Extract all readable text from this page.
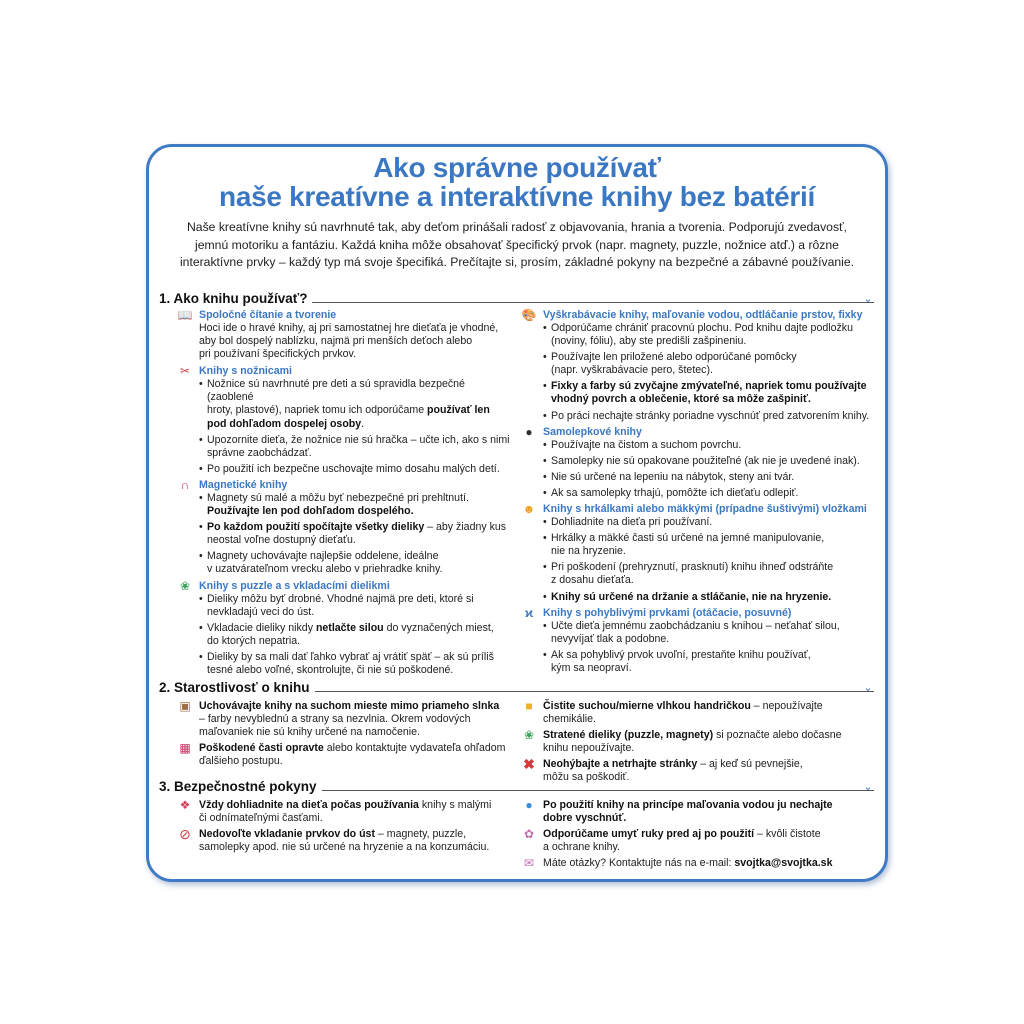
Ako správne používať
naše kreatívne a interaktívne knihy bez batérií
Naše kreatívne knihy sú navrhnuté tak, aby deťom prinášali radosť z objavovania, hrania a tvorenia. Podporujú zvedavosť,
jemnú motoriku a fantáziu. Každá kniha môže obsahovať špecifický prvok (napr. magnety, puzzle, nožnice atď.) a rôzne
interaktívne prvky – každý typ má svoje špecifiká. Prečítajte si, prosím, základné pokyny na bezpečné a zábavné používanie.
1. Ako knihu používať?	⌄
📖 Spoločné čítanie a tvorenie
Hoci ide o hravé knihy, aj pri samostatnej hre dieťaťa je vhodné,
aby bol dospelý nablízku, najmä pri menších deťoch alebo
pri používaní špecifických prvkov.
✂ Knihy s nožnicami
• Nožnice sú navrhnuté pre deti a sú spravidla bezpečné (zaoblené
hroty, plastové), napriek tomu ich odporúčame používať len
pod dohľadom dospelej osoby.
• Upozornite dieťa, že nožnice nie sú hračka – učte ich, ako s nimi
správne zaobchádzať.
• Po použití ich bezpečne uschovajte mimo dosahu malých detí.
∩ Magnetické knihy
• Magnety sú malé a môžu byť nebezpečné pri prehltnutí.
Používajte len pod dohľadom dospelého.
• Po každom použití spočítajte všetky dieliky – aby žiadny kus
neostal voľne dostupný dieťaťu.
• Magnety uchovávajte najlepšie oddelene, ideálne
v uzatvárateľnom vrecku alebo v priehradke knihy.
❀ Knihy s puzzle a s vkladacími dielikmi
• Dieliky môžu byť drobné. Vhodné najmä pre deti, ktoré si
nevkladajú veci do úst.
• Vkladacie dieliky nikdy netlačte silou do vyznačených miest,
do ktorých nepatria.
• Dieliky by sa mali dať ľahko vybrať aj vrátiť späť – ak sú príliš
tesné alebo voľné, skontrolujte, či nie sú poškodené.
🎨 Vyškrabávacie knihy, maľovanie vodou, odtláčanie prstov, fixky
• Odporúčame chrániť pracovnú plochu. Pod knihu dajte podložku
(noviny, fóliu), aby ste predišli zašpineniu.
• Používajte len priložené alebo odporúčané pomôcky
(napr. vyškrabávacie pero, štetec).
• Fixky a farby sú zvyčajne zmývateľné, napriek tomu používajte
vhodný povrch a oblečenie, ktoré sa môže zašpiniť.
• Po práci nechajte stránky poriadne vyschnúť pred zatvorením knihy.
● Samolepkové knihy
• Používajte na čistom a suchom povrchu.
• Samolepky nie sú opakovane použiteľné (ak nie je uvedené inak).
• Nie sú určené na lepeniu na nábytok, steny ani tvár.
• Ak sa samolepky trhajú, pomôžte ich dieťaťu odlepiť.
☻ Knihy s hrkálkami alebo mäkkými (prípadne šuštivými) vložkami
• Dohliadnite na dieťa pri používaní.
• Hrkálky a mäkké časti sú určené na jemné manipulovanie,
nie na hryzenie.
• Pri poškodení (prehryznutí, prasknutí) knihu ihneď odstráňte
z dosahu dieťaťa.
• Knihy sú určené na držanie a stláčanie, nie na hryzenie.
ϰ Knihy s pohyblivými prvkami (otáčacie, posuvné)
• Učte dieťa jemnému zaobchádzaniu s knihou – neťahať silou,
nevyvíjať tlak a podobne.
• Ak sa pohyblivý prvok uvoľní, prestaňte knihu používať,
kým sa neopraví.
2. Starostlivosť o knihu	⌄
▣ Uchovávajte knihy na suchom mieste mimo priameho slnka
– farby nevyblednú a strany sa nezvlnia. Okrem vodových
maľovaniek nie sú knihy určené na namočenie.
▦ Poškodené časti opravte alebo kontaktujte vydavateľa ohľadom
ďalšieho postupu.
■ Čistite suchou/mierne vlhkou handričkou – nepoužívajte chemikálie.
❀ Stratené dieliky (puzzle, magnety) si poznačte alebo dočasne
knihu nepoužívajte.
✖ Neohýbajte a netrhajte stránky – aj keď sú pevnejšie,
môžu sa poškodiť.
3. Bezpečnostné pokyny	⌄
❖ Vždy dohliadnite na dieťa počas používania knihy s malými
či odnímateľnými časťami.
⊘ Nedovoľte vkladanie prvkov do úst – magnety, puzzle,
samolepky apod. nie sú určené na hryzenie a na konzumáciu.
● Po použití knihy na princípe maľovania vodou ju nechajte
dobre vyschnúť.
✿ Odporúčame umyť ruky pred aj po použití – kvôli čistote
a ochrane knihy.
✉ Máte otázky? Kontaktujte nás na e-mail: svojtka@svojtka.sk
